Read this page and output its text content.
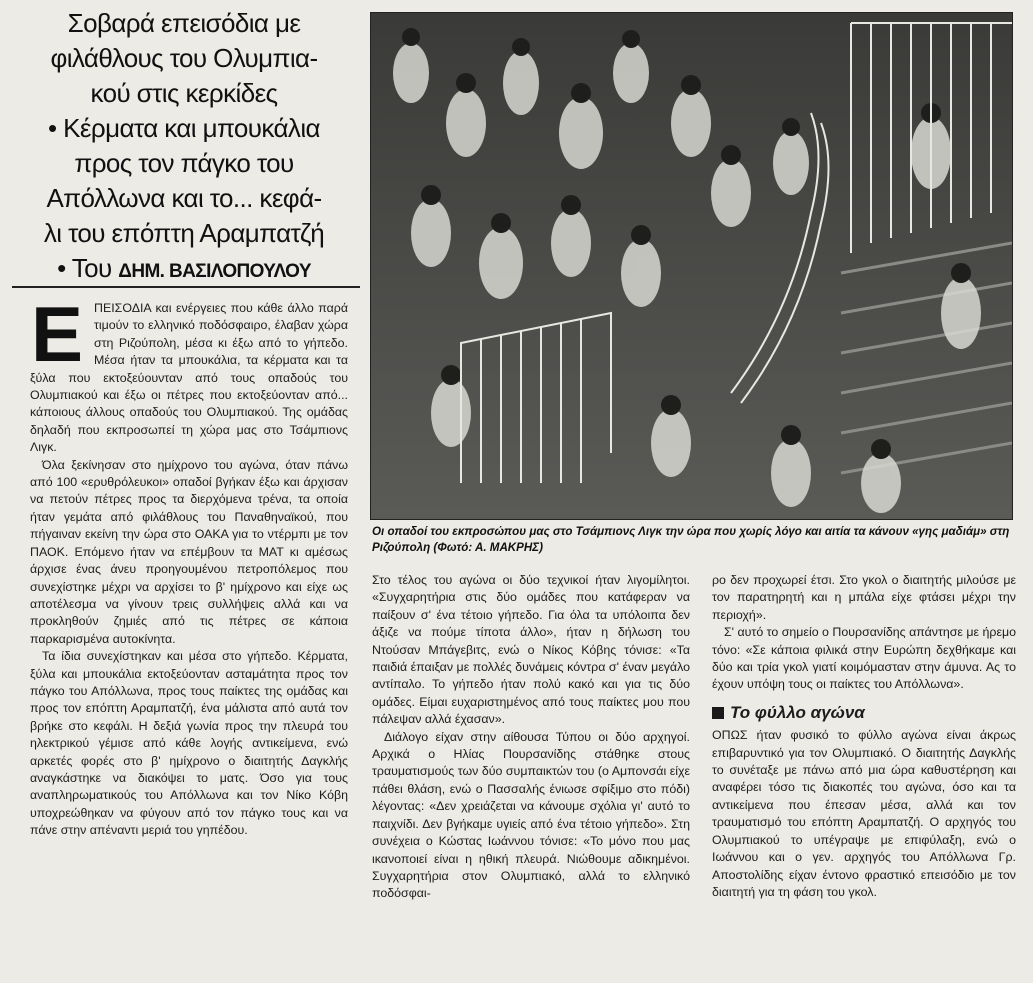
Σοβαρά επεισόδια με
φιλάθλους του Ολυμπια-
κού στις κερκίδες
• Κέρματα και μπουκάλια
προς τον πάγκο του
Απόλλωνα και το... κεφά-
λι του επόπτη Αραμπατζή
• Του ΔΗΜ. ΒΑΣΙΛΟΠΟΥΛΟΥ
Ε ΠΕΙΣΟΔΙΑ και ενέργειες που κάθε άλλο παρά τιμούν το ελληνικό ποδόσφαιρο, έλαβαν χώρα στη Ριζούπολη, μέσα κι έξω από το γήπεδο. Μέσα ήταν τα μπουκάλια, τα κέρματα και τα ξύλα που εκτοξεύουνταν από τους οπαδούς του Ολυμπιακού και έξω οι πέτρες που εκτοξεύονταν από... κάποιους άλλους οπαδούς του Ολυμπιακού. Της ομάδας δηλαδή που εκπροσωπεί τη χώρα μας στο Τσάμπιονς Λιγκ.

Όλα ξεκίνησαν στο ημίχρονο του αγώνα, όταν πάνω από 100 «ερυθρόλευκοι» οπαδοί βγήκαν έξω και άρχισαν να πετούν πέτρες προς τα διερχόμενα τρένα, τα οποία ήταν γεμάτα από φιλάθλους του Παναθηναϊκού, που πήγαιναν εκείνη την ώρα στο ΟΑΚΑ για το ντέρμπι με τον ΠΑΟΚ. Επόμενο ήταν να επέμβουν τα ΜΑΤ κι αμέσως άρχισε ένας άνευ προηγουμένου πετροπόλεμος που συνεχίστηκε μέχρι να αρχίσει το β' ημίχρονο και είχε ως αποτέλεσμα να γίνουν τρεις συλλήψεις αλλά και να προκληθούν ζημιές από τις πέτρες σε κάποια παρκαρισμένα αυτοκίνητα.

Τα ίδια συνεχίστηκαν και μέσα στο γήπεδο. Κέρματα, ξύλα και μπουκάλια εκτοξεύονταν ασταμάτητα προς τον πάγκο του Απόλλωνα, προς τους παίκτες της ομάδας και προς τον επόπτη Αραμπατζή, ένα μάλιστα από αυτά τον βρήκε στο κεφάλι. Η δεξιά γωνία προς την πλευρά του ηλεκτρικού γέμισε από κάθε λογής αντικείμενα, ενώ αρκετές φορές στο β' ημίχρονο ο διαιτητής Δαγκλής αναγκάστηκε να διακόψει το ματς. Όσο για τους αναπληρωματικούς του Απόλλωνα και τον Νίκο Κόβη υποχρεώθηκαν να φύγουν από τον πάγκο τους και να πάνε στην απέναντι μεριά του γηπέδου.

Οι οπαδοί του εκπροσώπου μας στο Τσάμπιονς Λιγκ την ώρα που χωρίς λόγο και αιτία τα κάνουν «γης μαδιάμ» στη Ριζούπολη (Φωτό: Α. ΜΑΚΡΗΣ)

Στο τέλος του αγώνα οι δύο τεχνικοί ήταν λιγομίλητοι. «Συγχαρητήρια στις δύο ομάδες που κατάφεραν να παίξουν σ' ένα τέτοιο γήπεδο. Για όλα τα υπόλοιπα δεν άξιζε να πούμε τίποτα άλλο», ήταν η δήλωση του Ντούσαν Μπάγεβιτς, ενώ ο Νίκος Κόβης τόνισε: «Τα παιδιά έπαιξαν με πολλές δυνάμεις κόντρα σ' έναν μεγάλο αντίπαλο. Το γήπεδο ήταν πολύ κακό και για τις δύο ομάδες. Είμαι ευχαριστημένος από τους παίκτες μου που πάλεψαν αλλά έχασαν».

Διάλογο είχαν στην αίθουσα Τύπου οι δύο αρχηγοί. Αρχικά ο Ηλίας Πουρσανίδης στάθηκε στους τραυματισμούς των δύο συμπαικτών του (ο Αμπονσάι είχε πάθει θλάση, ενώ ο Πασσαλής ένιωσε σφίξιμο στο πόδι) λέγοντας: «Δεν χρειάζεται να κάνουμε σχόλια γι' αυτό το παιχνίδι. Δεν βγήκαμε υγιείς από ένα τέτοιο γήπεδο». Στη συνέχεια ο Κώστας Ιωάννου τόνισε: «Το μόνο που μας ικανοποιεί είναι η ηθική πλευρά. Νιώθουμε αδικημένοι. Συγχαρητήρια στον Ολυμπιακό, αλλά το ελληνικό ποδόσφαι-

ρο δεν προχωρεί έτσι. Στο γκολ ο διαιτητής μιλούσε με τον παρατηρητή και η μπάλα είχε φτάσει μέχρι την περιοχή».

Σ' αυτό το σημείο ο Πουρσανίδης απάντησε με ήρεμο τόνο: «Σε κάποια φιλικά στην Ευρώπη δεχθήκαμε και δύο και τρία γκολ γιατί κοιμόμασταν στην άμυνα. Ας το έχουν υπόψη τους οι παίκτες του Απόλλωνα».

Το φύλλο αγώνα

ΟΠΩΣ ήταν φυσικό το φύλλο αγώνα είναι άκρως επιβαρυντικό για τον Ολυμπιακό. Ο διαιτητής Δαγκλής το συνέταξε με πάνω από μια ώρα καθυστέρηση και αναφέρει τόσο τις διακοπές του αγώνα, όσο και τα αντικείμενα που έπεσαν μέσα, αλλά και τον τραυματισμό του επόπτη Αραμπατζή. Ο αρχηγός του Ολυμπιακού το υπέγραψε με επιφύλαξη, ενώ ο Ιωάννου και ο γεν. αρχηγός του Απόλλωνα Γρ. Αποστολίδης είχαν έντονο φραστικό επεισόδιο με τον διαιτητή για τη φάση του γκολ.
